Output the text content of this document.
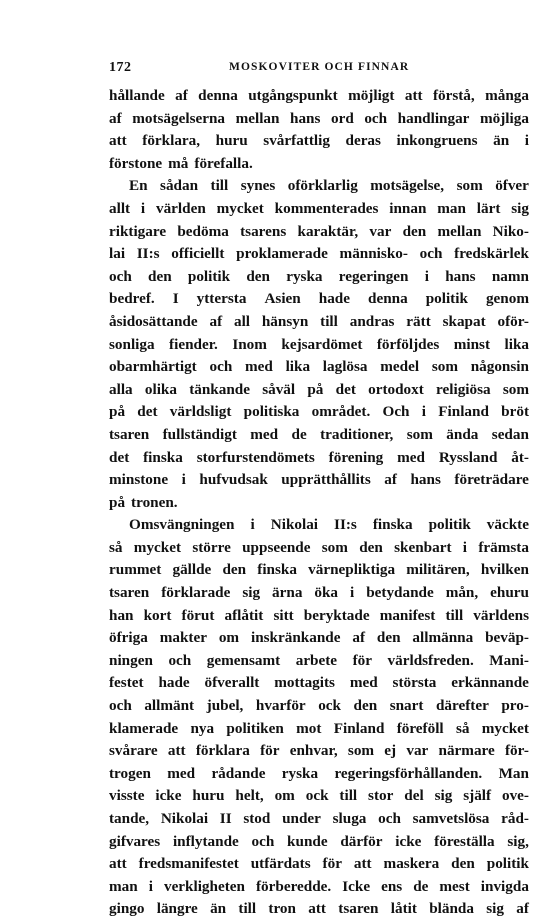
172	MOSKOVITER OCH FINNAR
hållande af denna utgångspunkt möjligt att förstå, många
af motsägelserna mellan hans ord och handlingar möjliga
att förklara, huru svårfattlig deras inkongruens än i
förstone må förefalla.
En sådan till synes oförklarlig motsägelse, som öfver
allt i världen mycket kommenterades innan man lärt sig
riktigare bedöma tsarens karaktär, var den mellan Niko-
lai II:s officiellt proklamerade människo- och fredskärlek
och den politik den ryska regeringen i hans namn
bedref. I yttersta Asien hade denna politik genom
åsidosättande af all hänsyn till andras rätt skapat oför-
sonliga fiender. Inom kejsardömet förföljdes minst lika
obarmhärtigt och med lika laglösa medel som någonsin
alla olika tänkande såväl på det ortodoxt religiösa som
på det världsligt politiska området. Och i Finland bröt
tsaren fullständigt med de traditioner, som ända sedan
det finska storfurstendömets förening med Ryssland åt-
minstone i hufvudsak upprätthållits af hans företrädare
på tronen.
Omsvängningen i Nikolai II:s finska politik väckte
så mycket större uppseende som den skenbart i främsta
rummet gällde den finska värnepliktiga militären, hvilken
tsaren förklarade sig ärna öka i betydande mån, ehuru
han kort förut aflåtit sitt beryktade manifest till världens
öfriga makter om inskränkande af den allmänna beväp-
ningen och gemensamt arbete för världsfreden. Mani-
festet hade öfverallt mottagits med största erkännande
och allmänt jubel, hvarför ock den snart därefter pro-
klamerade nya politiken mot Finland föreföll så mycket
svårare att förklara för enhvar, som ej var närmare för-
trogen med rådande ryska regeringsförhållanden. Man
visste icke huru helt, om ock till stor del sig själf ove-
tande, Nikolai II stod under sluga och samvetslösa råd-
gifvares inflytande och kunde därför icke föreställa sig,
att fredsmanifestet utfärdats för att maskera den politik
man i verkligheten förberedde. Icke ens de mest invigda
gingo längre än till tron att tsaren låtit blända sig af
